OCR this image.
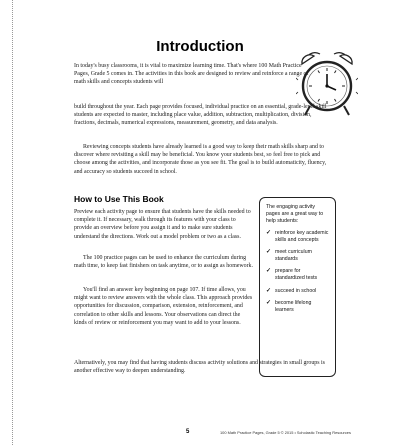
Introduction

In today's busy classrooms, it is vital to maximize learning time. That's where 100 Math Practice Pages, Grade 5 comes in. The activities in this book are designed to review and reinforce a range of math skills and concepts students will

build throughout the year. Each page provides focused, individual practice on an essential, grade-level skill students are expected to master, including place value, addition, subtraction, multiplication, division, fractions, decimals, numerical expressions, measurement, geometry, and data analysis.

Reviewing concepts students have already learned is a good way to keep their math skills sharp and to discover where revisiting a skill may be beneficial. You know your students best, so feel free to pick and choose among the activities, and incorporate those as you see fit. The goal is to build automaticity, fluency, and accuracy so students succeed in school.

How to Use This Book

Preview each activity page to ensure that students have the skills needed to complete it. If necessary, walk through its features with your class to provide an overview before you assign it and to make sure students understand the directions. Work out a model problem or two as a class.

The 100 practice pages can be used to enhance the curriculum during math time, to keep fast finishers on task anytime, or to assign as homework.

You'll find an answer key beginning on page 107. If time allows, you might want to review answers with the whole class. This approach provides opportunities for discussion, comparison, extension, reinforcement, and correlation to other skills and lessons. Your observations can direct the kinds of review or reinforcement you may want to add to your lessons.

Alternatively, you may find that having students discuss activity solutions and strategies in small groups is another effective way to deepen understanding.

The engaging activity pages are a great way to help students:
✓ reinforce key academic skills and concepts
✓ meet curriculum standards
✓ prepare for standardized tests
✓ succeed in school
✓ become lifelong learners
5	100 Math Practice Pages, Grade 5 © 2015 • Scholastic Teaching Resources
